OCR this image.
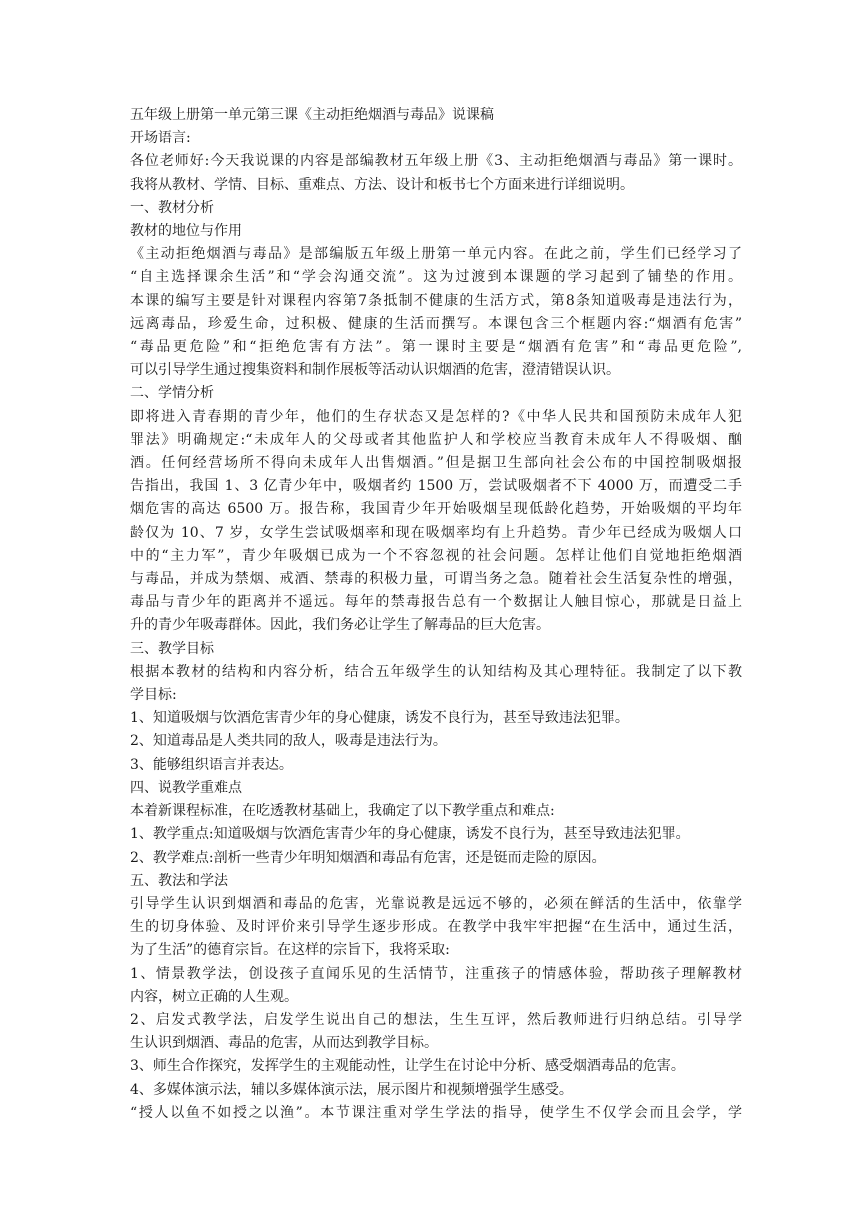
五年级上册第一单元第三课《主动拒绝烟酒与毒品》说课稿
开场语言:
各位老师好:今天我说课的内容是部编教材五年级上册《3、主动拒绝烟酒与毒品》第一课时。
我将从教材、学情、目标、重难点、方法、设计和板书七个方面来进行详细说明。
一、教材分析
教材的地位与作用
《主动拒绝烟酒与毒品》是部编版五年级上册第一单元内容。在此之前，学生们已经学习了
“自主选择课余生活”和“学会沟通交流”。这为过渡到本课题的学习起到了铺垫的作用。
本课的编写主要是针对课程内容第7条抵制不健康的生活方式，第8条知道吸毒是违法行为，
远离毒品，珍爱生命，过积极、健康的生活而撰写。本课包含三个框题内容:“烟酒有危害”
“毒品更危险”和“拒绝危害有方法”。第一课时主要是“烟酒有危害”和“毒品更危险”,
可以引导学生通过搜集资料和制作展板等活动认识烟酒的危害，澄清错误认识。
二、学情分析
即将进入青春期的青少年，他们的生存状态又是怎样的?《中华人民共和国预防未成年人犯
罪法》明确规定:“未成年人的父母或者其他监护人和学校应当教育未成年人不得吸烟、酗
酒。任何经营场所不得向未成年人出售烟酒。”但是据卫生部向社会公布的中国控制吸烟报
告指出，我国 1、3 亿青少年中，吸烟者约 1500 万，尝试吸烟者不下 4000 万，而遭受二手
烟危害的高达 6500 万。报告称，我国青少年开始吸烟呈现低龄化趋势，开始吸烟的平均年
龄仅为 10、7 岁，女学生尝试吸烟率和现在吸烟率均有上升趋势。青少年已经成为吸烟人口
中的“主力军”，青少年吸烟已成为一个不容忽视的社会问题。怎样让他们自觉地拒绝烟酒
与毒品，并成为禁烟、戒酒、禁毒的积极力量，可谓当务之急。随着社会生活复杂性的增强，
毒品与青少年的距离并不遥远。每年的禁毒报告总有一个数据让人触目惊心，那就是日益上
升的青少年吸毒群体。因此，我们务必让学生了解毒品的巨大危害。
三、教学目标
根据本教材的结构和内容分析，结合五年级学生的认知结构及其心理特征。我制定了以下教
学目标:
1、知道吸烟与饮酒危害青少年的身心健康，诱发不良行为，甚至导致违法犯罪。
2、知道毒品是人类共同的敌人，吸毒是违法行为。
3、能够组织语言并表达。
四、说教学重难点
本着新课程标准，在吃透教材基础上，我确定了以下教学重点和难点:
1、教学重点:知道吸烟与饮酒危害青少年的身心健康，诱发不良行为，甚至导致违法犯罪。
2、教学难点:剖析一些青少年明知烟酒和毒品有危害，还是铤而走险的原因。
五、教法和学法
引导学生认识到烟酒和毒品的危害，光靠说教是远远不够的，必须在鲜活的生活中，依靠学
生的切身体验、及时评价来引导学生逐步形成。在教学中我牢牢把握“在生活中，通过生活，
为了生活”的德育宗旨。在这样的宗旨下，我将采取:
1、情景教学法，创设孩子直闻乐见的生活情节，注重孩子的情感体验，帮助孩子理解教材
内容，树立正确的人生观。
2、启发式教学法，启发学生说出自己的想法，生生互评，然后教师进行归纳总结。引导学
生认识到烟酒、毒品的危害，从而达到教学目标。
3、师生合作探究，发挥学生的主观能动性，让学生在讨论中分析、感受烟酒毒品的危害。
4、多媒体演示法，辅以多媒体演示法，展示图片和视频增强学生感受。
“授人以鱼不如授之以渔”。本节课注重对学生学法的指导，使学生不仅学会而且会学，学
